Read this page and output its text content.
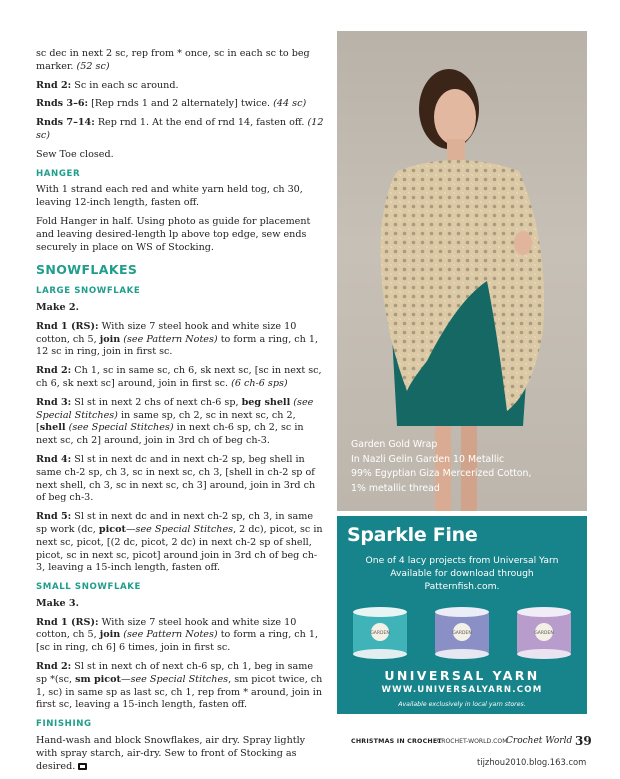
sc dec in next 2 sc, rep from * once, sc in each sc to beg marker. (52 sc)

Rnd 2: Sc in each sc around.

Rnds 3–6: [Rep rnds 1 and 2 alternately] twice. (44 sc)

Rnds 7–14: Rep rnd 1. At the end of rnd 14, fasten off. (12 sc)

Sew Toe closed.

HANGER

With 1 strand each red and white yarn held tog, ch 30, leaving 12-inch length, fasten off.

Fold Hanger in half. Using photo as guide for placement and leaving desired-length lp above top edge, sew ends securely in place on WS of Stocking.

SNOWFLAKES
LARGE SNOWFLAKE
Make 2.

Rnd 1 (RS): With size 7 steel hook and white size 10 cotton, ch 5, join (see Pattern Notes) to form a ring, ch 1, 12 sc in ring, join in first sc.

Rnd 2: Ch 1, sc in same sc, ch 6, sk next sc, [sc in next sc, ch 6, sk next sc] around, join in first sc. (6 ch-6 sps)

Rnd 3: Sl st in next 2 chs of next ch-6 sp, beg shell (see Special Stitches) in same sp, ch 2, sc in next sc, ch 2, [shell (see Special Stitches) in next ch-6 sp, ch 2, sc in next sc, ch 2] around, join in 3rd ch of beg ch-3.

Rnd 4: Sl st in next dc and in next ch-2 sp, beg shell in same ch-2 sp, ch 3, sc in next sc, ch 3, [shell in ch-2 sp of next shell, ch 3, sc in next sc, ch 3] around, join in 3rd ch of beg ch-3.

Rnd 5: Sl st in next dc and in next ch-2 sp, ch 3, in same sp work (dc, picot—see Special Stitches, 2 dc), picot, sc in next sc, picot, [(2 dc, picot, 2 dc) in next ch-2 sp of shell, picot, sc in next sc, picot] around join in 3rd ch of beg ch-3, leaving a 15-inch length, fasten off.

SMALL SNOWFLAKE
Make 3.

Rnd 1 (RS): With size 7 steel hook and white size 10 cotton, ch 5, join (see Pattern Notes) to form a ring, ch 1, [sc in ring, ch 6] 6 times, join in first sc.

Rnd 2: Sl st in next ch of next ch-6 sp, ch 1, beg in same sp *(sc, sm picot—see Special Stitches, sm picot twice, ch 1, sc) in same sp as last sc, ch 1, rep from * around, join in first sc, leaving a 15-inch length, fasten off.

FINISHING

Hand-wash and block Snowflakes, air dry. Spray lightly with spray starch, air-dry. Sew to front of Stocking as desired.

Garden Gold Wrap
In Nazli Gelin Garden 10 Metallic
99% Egyptian Giza Mercerized Cotton,
1% metallic thread
Sparkle Fine
One of 4 lacy projects from Universal Yarn
Available for download through
Patternfish.com.
GARDEN	GARDEN	GARDEN
UNIVERSAL YARN
WWW.UNIVERSALYARN.COM
Available exclusively in local yarn stores.
CHRISTMAS IN CROCHET
CROCHET-WORLD.COM
Crochet World 39
tijzhou2010.blog.163.com
